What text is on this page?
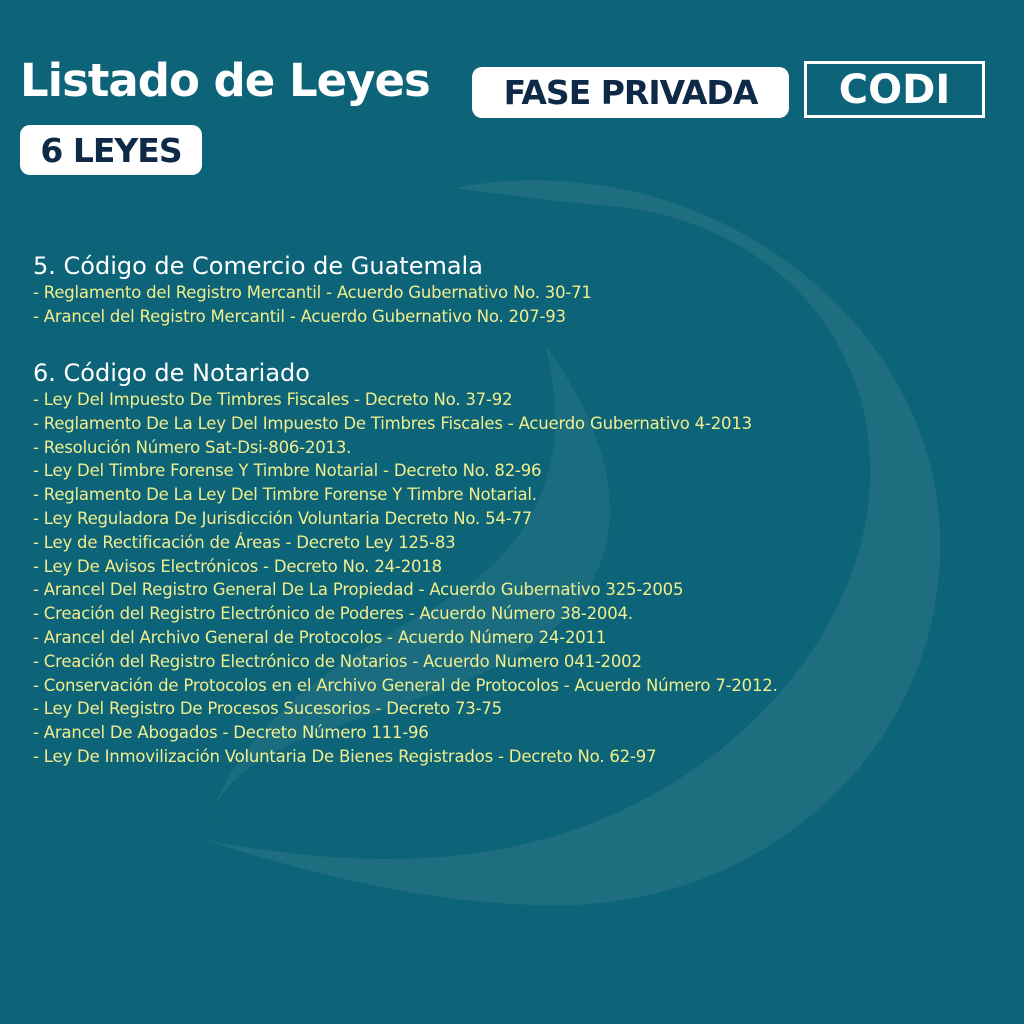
Listado de Leyes	FASE PRIVADA	CODI
6 LEYES
5. Código de Comercio de Guatemala
- Reglamento del Registro Mercantil - Acuerdo Gubernativo No. 30-71
- Arancel del Registro Mercantil - Acuerdo Gubernativo No. 207-93
6. Código de Notariado
- Ley Del Impuesto De Timbres Fiscales - Decreto No. 37-92
- Reglamento De La Ley Del Impuesto De Timbres Fiscales - Acuerdo Gubernativo 4-2013
- Resolución Número Sat-Dsi-806-2013.
- Ley Del Timbre Forense Y Timbre Notarial - Decreto No. 82-96
- Reglamento De La Ley Del Timbre Forense Y Timbre Notarial.
- Ley Reguladora De Jurisdicción Voluntaria Decreto No. 54-77
- Ley de Rectificación de Áreas - Decreto Ley 125-83
- Ley De Avisos Electrónicos - Decreto No. 24-2018
- Arancel Del Registro General De La Propiedad - Acuerdo Gubernativo 325-2005
- Creación del Registro Electrónico de Poderes - Acuerdo Número 38-2004.
- Arancel del Archivo General de Protocolos - Acuerdo Número 24-2011
- Creación del Registro Electrónico de Notarios - Acuerdo Numero 041-2002
- Conservación de Protocolos en el Archivo General de Protocolos - Acuerdo Número 7-2012.
- Ley Del Registro De Procesos Sucesorios - Decreto 73-75
- Arancel De Abogados - Decreto Número 111-96
- Ley De Inmovilización Voluntaria De Bienes Registrados - Decreto No. 62-97
